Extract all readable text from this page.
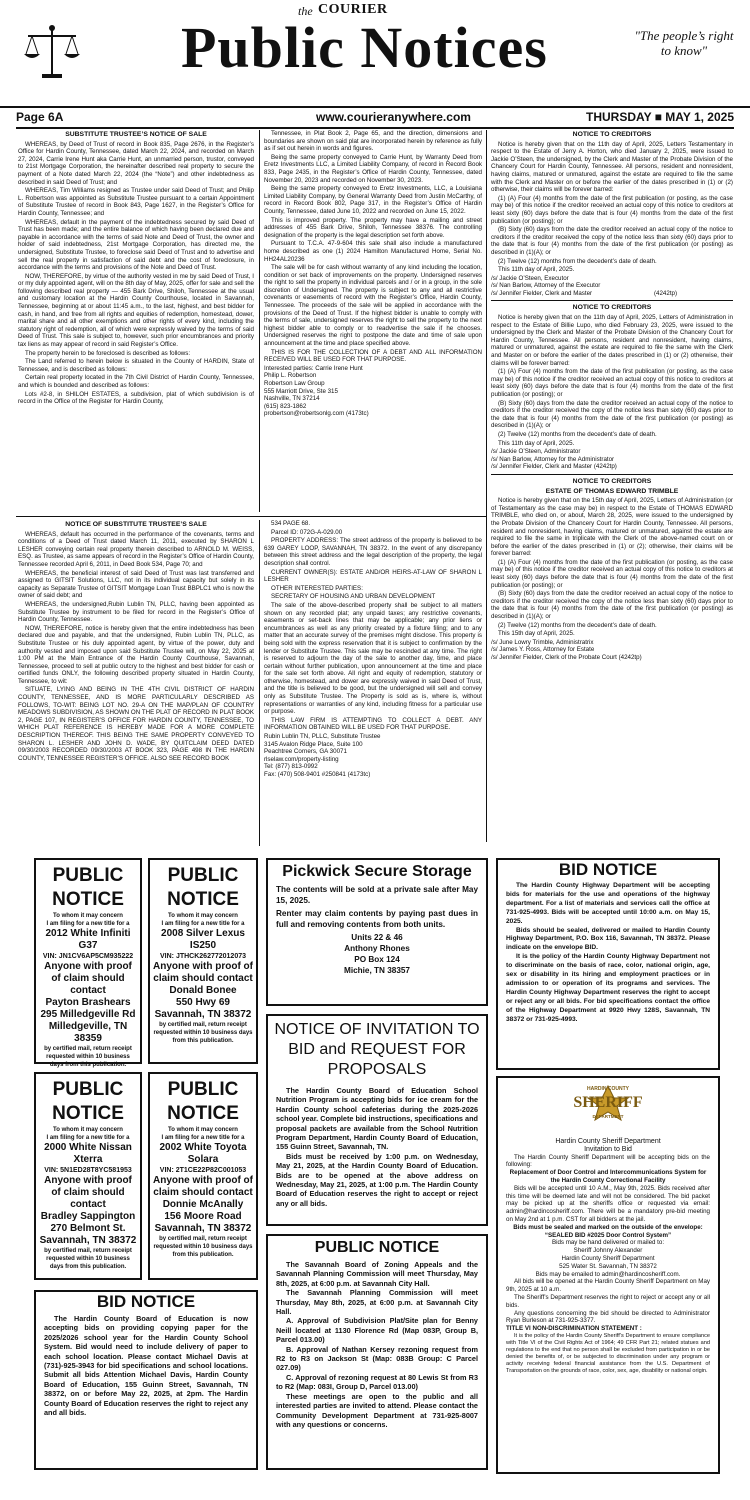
the COURIER
Public Notices	"The people’s right to know"
Page 6A	www.courieranywhere.com	THURSDAY ■ MAY 1, 2025
SUBSTITUTE TRUSTEE’S NOTICE OF SALE

WHEREAS, by Deed of Trust of record in Book 835, Page 2676, in the Register’s Office for Hardin County, Tennessee, dated March 22, 2024, and recorded on March 27, 2024, Carrie Irene Hunt aka Carrie Hunt, an unmarried person, trustor, conveyed to 21st Mortgage Corporation, the hereinafter described real property to secure the payment of a Note dated March 22, 2024 (the “Note”) and other indebtedness as described in said Deed of Trust; and

WHEREAS, Tim Williams resigned as Trustee under said Deed of Trust; and Philip L. Robertson was appointed as Substitute Trustee pursuant to a certain Appointment of Substitute Trustee of record in Book 843, Page 1627, in the Register’s Office for Hardin County, Tennessee; and

WHEREAS, default in the payment of the indebtedness secured by said Deed of Trust has been made; and the entire balance of which having been declared due and payable in accordance with the terms of said Note and Deed of Trust, the owner and holder of said indebtedness, 21st Mortgage Corporation, has directed me, the undersigned, Substitute Trustee, to foreclose said Deed of Trust and to advertise and sell the real property in satisfaction of said debt and the cost of foreclosure, in accordance with the terms and provisions of the Note and Deed of Trust.

NOW, THEREFORE, by virtue of the authority vested in me by said Deed of Trust, I or my duly appointed agent, will on the 8th day of May, 2025, offer for sale and sell the following described real property — 455 Bark Drive, Shiloh, Tennessee at the usual and customary location at the Hardin County Courthouse, located in Savannah, Tennessee, beginning at or about 11:45 a.m., to the last, highest, and best bidder for cash, in hand, and free from all rights and equities of redemption, homestead, dower, marital share and all other exemptions and other rights of every kind, including the statutory right of redemption, all of which were expressly waived by the terms of said Deed of Trust. This sale is subject to, however, such prior encumbrances and priority tax liens as may appear of record in said Register’s Office.

The property herein to be foreclosed is described as follows:

The Land referred to herein below is situated in the County of HARDIN, State of Tennessee, and is described as follows:

Certain real property located in the 7th Civil District of Hardin County, Tennessee, and which is bounded and described as follows:

Lots #2-8, in SHILOH ESTATES, a subdivision, plat of which subdivision is of record in the Office of the Register for Hardin County,

Tennessee, in Plat Book 2, Page 65, and the direction, dimensions and boundaries are shown on said plat are incorporated herein by reference as fully as if set out herein in words and figures.

Being the same property conveyed to Carrie Hunt, by Warranty Deed from Eretz Investments LLC, a Limited Liability Company, of record in Record Book 833, Page 2435, in the Register’s Office of Hardin County, Tennessee, dated November 20, 2023 and recorded on November 30, 2023.

Being the same property conveyed to Eretz Investments, LLC, a Louisiana Limited Liability Company, by General Warranty Deed from Justin McCarthy, of record in Record Book 802, Page 317, in the Register’s Office of Hardin County, Tennessee, dated June 10, 2022 and recorded on June 15, 2022.

This is improved property. The property may have a mailing and street addresses of 455 Bark Drive, Shiloh, Tennessee 38376. The controlling designation of the property is the legal description set forth above.

Pursuant to T.C.A. 47-9-604 this sale shall also include a manufactured home described as one (1) 2024 Hamilton Manufactured Home, Serial No. HH24AL20236

The sale will be for cash without warranty of any kind including the location, condition or set back of improvements on the property. Undersigned reserves the right to sell the property in individual parcels and / or in a group, in the sole discretion of Undersigned. The property is subject to any and all restrictive covenants or easements of record with the Register’s Office, Hardin County, Tennessee. The proceeds of the sale will be applied in accordance with the provisions of the Deed of Trust. If the highest bidder is unable to comply with the terms of sale, undersigned reserves the right to sell the property to the next highest bidder able to comply or to readvertise the sale if he chooses. Undersigned reserves the right to postpone the date and time of sale upon announcement at the time and place specified above.

THIS IS FOR THE COLLECTION OF A DEBT AND ALL INFORMATION RECEIVED WILL BE USED FOR THAT PURPOSE.

Interested parties: Carrie Irene Hunt
Philip L. Robertson
Robertson Law Group
555 Marriott Drive, Ste 315
Nashville, TN 37214
(615) 823-1862
probertson@robertsonlg.com (4173tc)
NOTICE OF SUBSTITUTE TRUSTEE’S SALE

WHEREAS, default has occurred in the performance of the covenants, terms and conditions of a Deed of Trust dated March 11, 2011, executed by SHARON L LESHER conveying certain real property therein described to ARNOLD M. WEISS, ESQ. as Trustee, as same appears of record in the Register’s Office of Hardin County, Tennessee recorded April 6, 2011, in Deed Book 534, Page 70; and

WHEREAS, the beneficial interest of said Deed of Trust was last transferred and assigned to GITSIT Solutions, LLC, not in its individual capacity but solely in its capacity as Separate Trustee of GITSIT Mortgage Loan Trust BBPLC1 who is now the owner of said debt; and

WHEREAS, the undersigned,Rubin Lublin TN, PLLC, having been appointed as Substitute Trustee by instrument to be filed for record in the Register’s Office of Hardin County, Tennessee.

NOW, THEREFORE, notice is hereby given that the entire indebtedness has been declared due and payable, and that the undersigned, Rubin Lublin TN, PLLC, as Substitute Trustee or his duly appointed agent, by virtue of the power, duty and authority vested and imposed upon said Substitute Trustee will, on May 22, 2025 at 1:00 PM at the Main Entrance of the Hardin County Courthouse, Savannah, Tennessee, proceed to sell at public outcry to the highest and best bidder for cash or certified funds ONLY, the following described property situated in Hardin County, Tennessee, to wit:

SITUATE, LYING AND BEING IN THE 4TH CIVIL DISTRICT OF HARDIN COUNTY, TENNESSEE, AND IS MORE PARTICULARLY DESCRIBED AS FOLLOWS, TO-WIT: BEING LOT NO. 29-A ON THE MAP/PLAN OF COUNTRY MEADOWS SUBDIVISION, AS SHOWN ON THE PLAT OF RECORD IN PLAT BOOK 2, PAGE 107, IN REGISTER’S OFFICE FOR HARDIN COUNTY, TENNESSEE, TO WHICH PLAT REFERENCE IS HEREBY MADE FOR A MORE COMPLETE DESCRIPTION THEREOF. THIS BEING THE SAME PROPERTY CONVEYED TO SHARON L. LESHER AND JOHN D. WADE, BY QUITCLAIM DEED DATED 09/30/2003 RECORDED 09/30/2003 AT BOOK 323, PAGE 498 IN THE HARDIN COUNTY, TENNESSEE REGISTER’S OFFICE. ALSO SEE RECORD BOOK

534 PAGE 68.

Parcel ID: 072G-A-029.00

PROPERTY ADDRESS: The street address of the property is believed to be 639 GAREY LOOP, SAVANNAH, TN 38372. In the event of any discrepancy between this street address and the legal description of the property, the legal description shall control.

CURRENT OWNER(S): ESTATE AND/OR HEIRS-AT-LAW OF SHARON L LESHER

OTHER INTERESTED PARTIES:

SECRETARY OF HOUSING AND URBAN DEVELOPMENT

The sale of the above-described property shall be subject to all matters shown on any recorded plat; any unpaid taxes; any restrictive covenants, easements or set-back lines that may be applicable; any prior liens or encumbrances as well as any priority created by a fixture filing; and to any matter that an accurate survey of the premises might disclose. This property is being sold with the express reservation that it is subject to confirmation by the lender or Substitute Trustee. This sale may be rescinded at any time. The right is reserved to adjourn the day of the sale to another day, time, and place certain without further publication, upon announcement at the time and place for the sale set forth above. All right and equity of redemption, statutory or otherwise, homestead, and dower are expressly waived in said Deed of Trust, and the title is believed to be good, but the undersigned will sell and convey only as Substitute Trustee. The Property is sold as is, where is, without representations or warranties of any kind, including fitness for a particular use or purpose.

THIS LAW FIRM IS ATTEMPTING TO COLLECT A DEBT. ANY INFORMATION OBTAINED WILL BE USED FOR THAT PURPOSE.

Rubin Lublin TN, PLLC, Substitute Trustee
3145 Avalon Ridge Place, Suite 100
Peachtree Corners, GA 30071
rlselaw.com/property-listing
Tel: (877) 813-0992
Fax: (470) 508-9401 #250841 (4173tc)
NOTICE TO CREDITORS

Notice is hereby given that on the 11th day of April, 2025, Letters Testamentary in respect to the Estate of Jerry A. Horton, who died January 2, 2025, were issued to Jackie O’Steen, the undersigned, by the Clerk and Master of the Probate Division of the Chancery Court for Hardin County, Tennessee. All persons, resident and nonresident, having claims, matured or unmatured, against the estate are required to file the same with the Clerk and Master on or before the earlier of the dates prescribed in (1) or (2) otherwise, their claims will be forever barred:

(1) (A) Four (4) months from the date of the first publication (or posting, as the case may be) of this notice if the creditor received an actual copy of this notice to creditors at least sixty (60) days before the date that is four (4) months from the date of the first publication (or posting); or

(B) Sixty (60) days from the date the creditor received an actual copy of the notice to creditors if the creditor received the copy of the notice less than sixty (60) days prior to the date that is four (4) months from the date of the first publication (or posting) as described in (1)(A); or

(2) Twelve (12) months from the decedent’s date of death.

This 11th day of April, 2025.

/s/ Jackie O’Steen, Executor
/s/ Nan Barlow, Attorney of the Executor
/s/ Jennifer Fielder, Clerk and Master                                    (4242tp)
NOTICE TO CREDITORS

Notice is hereby given that on the 11th day of April, 2025, Letters of Administration in respect to the Estate of Billie Lupo, who died February 23, 2025, were issued to the undersigned by the Clerk and Master of the Probate Division of the Chancery Court for Hardin County, Tennessee. All persons, resident and nonresident, having claims, matured or unmatured, against the estate are required to file the same with the Clerk and Master on or before the earlier of the dates prescribed in (1) or (2) otherwise, their claims will be forever barred:

(1) (A) Four (4) months from the date of the first publication (or posting, as the case may be) of this notice if the creditor received an actual copy of this notice to creditors at least sixty (60) days before the date that is four (4) months from the date of the first publication (or posting); or

(B) Sixty (60) days from the date the creditor received an actual copy of the notice to creditors if the creditor received the copy of the notice less than sixty (60) days prior to the date that is four (4) months from the date of the first publication (or posting) as described in (1)(A); or

(2) Twelve (12) months from the decedent’s date of death.

This 11th day of April, 2025.

/s/ Jackie O’Steen, Administrator
/s/ Nan Barlow, Attorney for the Administrator
/s/ Jennifer Fielder, Clerk and Master (4242tp)
NOTICE TO CREDITORS
ESTATE OF THOMAS EDWARD TRIMBLE

Notice is hereby given that on the 15th day of April, 2025, Letters of Administration (or of Testamentary as the case may be) in respect to the Estate of THOMAS EDWARD TRIMBLE, who died on, or about, March 28, 2025, were issued to the undersigned by the Probate Division of the Chancery Court for Hardin County, Tennessee. All persons, resident and nonresident, having claims, matured or unmatured, against the estate are required to file the same in triplicate with the Clerk of the above-named court on or before the earlier of the dates prescribed in (1) or (2); otherwise, their claims will be forever barred:

(1) (A) Four (4) months from the date of the first publication (or posting, as the case may be) of this notice if the creditor received an actual copy of this notice to creditors at least sixty (60) days before the date that is four (4) months from the date of the first publication (or posting); or

(B) Sixty (60) days from the date the creditor received an actual copy of the notice to creditors if the creditor received the copy of the notice less than sixty (60) days prior to the date that is four (4) months from the date of the first publication (or posting) as described in (1)(A); or

(2) Twelve (12) months from the decedent’s date of death.

This 15th day of April, 2025.

/s/ June Lowry Trimble, Administratrix
/s/ James Y. Ross, Attorney for Estate
/s/ Jennifer Fielder, Clerk of the Probate Court (4242tp)
PUBLIC NOTICE
To whom it may concern
I am filing for a new title for a
2012 White Infiniti G37
VIN: JN1CV6AP5CM935222
Anyone with proof of claim should contact
Payton Brashears
295 Milledgeville Rd
Milledgeville, TN 38359
by certified mail, return receipt requested within 10 business days from this publication.
PUBLIC NOTICE
To whom it may concern
I am filing for a new title for a
2008 Silver Lexus IS250
VIN: JTHCK262772012073
Anyone with proof of claim should contact
Donald Bonee
550 Hwy 69
Savannah, TN 38372
by certified mail, return receipt requested within 10 business days from this publication.
PUBLIC NOTICE
To whom it may concern
I am filing for a new title for a
2000 White Nissan Xterra
VIN: 5N1ED28T8YC581953
Anyone with proof of claim should contact
Bradley Sappington
270 Belmont St.
Savannah, TN 38372
by certified mail, return receipt requested within 10 business days from this publication.
PUBLIC NOTICE
To whom it may concern
I am filing for a new title for a
2002 White Toyota Solara
VIN: 2T1CE22P82C001053
Anyone with proof of claim should contact
Donnie McAnally
156 Moore Road
Savannah, TN 38372
by certified mail, return receipt requested within 10 business days from this publication.
Pickwick Secure Storage
The contents will be sold at a private sale after May 15, 2025.
Renter may claim contents by paying past dues in full and removing contents from both units.
Units 22 & 46
Anthony Rhones
PO Box 124
Michie, TN 38357
NOTICE OF INVITATION TO BID and REQUEST FOR PROPOSALS

The Hardin County Board of Education School Nutrition Program is accepting bids for ice cream for the Hardin County school cafeterias during the 2025-2026 school year. Complete bid instructions, specifications and proposal packets are available from the School Nutrition Program Department, Hardin County Board of Education, 155 Guinn Street, Savannah, TN.

Bids must be received by 1:00 p.m. on Wednesday, May 21, 2025, at the Hardin County Board of Education. Bids are to be opened at the above address on Wednesday, May 21, 2025, at 1:00 p.m. The Hardin County Board of Education reserves the right to accept or reject any or all bids.

PUBLIC NOTICE

The Savannah Board of Zoning Appeals and the Savannah Planning Commission will meet Thursday, May 8th, 2025, at 6:00 p.m. at Savannah City Hall.

The Savannah Planning Commission will meet Thursday, May 8th, 2025, at 6:00 p.m. at Savannah City Hall.

A. Approval of Subdivision Plat/Site plan for Benny Neill located at 1130 Florence Rd (Map 083P, Group B, Parcel 013.00)

B. Approval of Nathan Kersey rezoning request from R2 to R3 on Jackson St (Map: 083B Group: C Parcel 027.09)

C. Approval of rezoning request at 80 Lewis St from R3 to R2 (Map: 083I, Group D, Parcel 013.00)

These meetings are open to the public and all interested parties are invited to attend. Please contact the Community Development Department at 731-925-8007 with any questions or concerns.

BID NOTICE

The Hardin County Highway Department will be accepting bids for materials for the use and operations of the highway department. For a list of materials and services call the office at 731-925-4993. Bids will be accepted until 10:00 a.m. on May 15, 2025.

Bids should be sealed, delivered or mailed to Hardin County Highway Department, P.O. Box 116, Savannah, TN 38372. Please indicate on the envelope BID.

It is the policy of the Hardin County Highway Department not to discriminate on the basis of race, color, national origin, age, sex or disability in its hiring and employment practices or in admission to or operation of its programs and services. The Hardin County Highway Department reserves the right to accept or reject any or all bids. For bid specifications contact the office of the Highway Department at 9920 Hwy 128S, Savannah, TN 38372 or 731-925-4993.

HARDIN COUNTY
SHERIFF
DEPARTMENT
Hardin County Sheriff Department
Invitation to Bid

The Hardin County Sheriff Department will be accepting bids on the following:

Replacement of Door Control and Intercommunications System for the Hardin County Correctional Facility

Bids will be accepted until 10 A.M., May 9th, 2025. Bids received after this time will be deemed late and will not be considered. The bid packet may be picked up at the sheriffs office or requested via email: admin@hardincosheriff.com. There will be a mandatory pre-bid meeting on May 2nd at 1 p.m. CST for all bidders at the jail.

Bids must be sealed and marked on the outside of the envelope: “SEALED BID #2025 Door Control System”
Bids may be hand delivered or mailed to:
Sheriff Johnny Alexander
Hardin County Sheriff Department
525 Water St. Savannah, TN 38372
Bids may be emailed to admin@hardincosheriff.com.

All bids will be opened at the Hardin County Sheriff Department on May 9th, 2025 at 10 a.m.

The Sheriff’s Department reserves the right to reject or accept any or all bids.

Any questions concerning the bid should be directed to Administrator Ryan Burleson at 731-925-3377.

TITLE VI NON-DISCRIMINATION STATEMENT :

It is the policy of the Hardin County Sheriff’s Department to ensure compliance with Title VI of the Civil Rights Act of 1964; 49 CFR Part 21; related statues and regulations to the end that no person shall be excluded from participation in or be denied the benefits of, or be subjected to discrimination under any program or activity receiving federal financial assistance from the U.S. Department of Transportation on the grounds of race, color, sex, age, disability or national origin.

BID NOTICE

The Hardin County Board of Education is now accepting bids on providing copying paper for the 2025/2026 school year for the Hardin County School System. Bid would need to include delivery of paper to each school location. Please contact Michael Davis at (731)-925-3943 for bid specifications and school locations. Submit all bids Attention Michael Davis, Hardin County Board of Education, 155 Guinn Street, Savannah, TN 38372, on or before May 22, 2025, at 2pm. The Hardin County Board of Education reserves the right to reject any and all bids.
